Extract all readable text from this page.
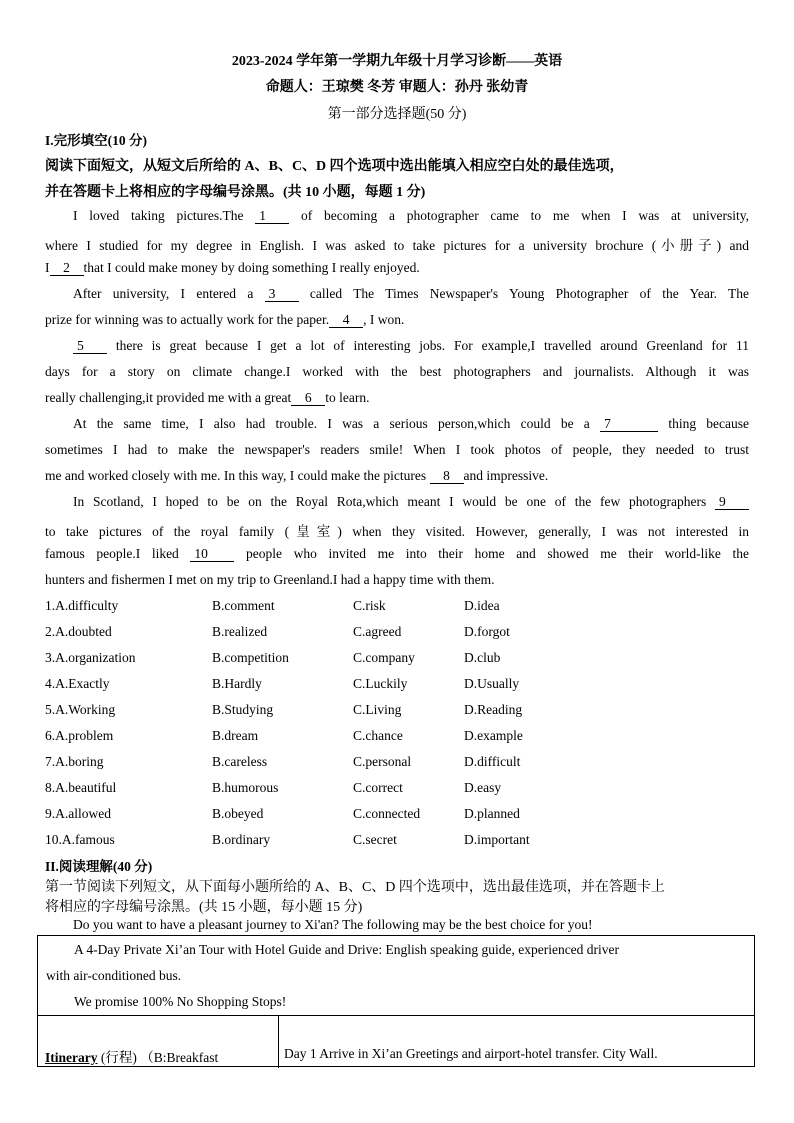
2023-2024 学年第一学期九年级十月学习诊断——英语
命题人：王琼樊 冬芳 审题人：孙丹 张幼青
第一部分选择题(50 分)
I.完形填空(10 分)
阅读下面短文，从短文后所给的 A、B、C、D 四个选项中选出能填入相应空白处的最佳选项，
并在答题卡上将相应的字母编号涂黑。(共 10 小题，每题 1 分)
I loved taking pictures.The 1	of becoming a photographer came to me when I was at university,
where I studied for my degree in English. I was asked to take pictures for a university brochure (小册子) and
I 2 that I could make money by doing something I really enjoyed.
After university, I entered a 3	called The Times Newspaper's Young Photographer of the Year. The
prize for winning was to actually work for the paper. 4 , I won.
5 there is great because I get a lot of interesting jobs. For example,I travelled around Greenland for 11
days for a story on climate change.I worked with the best photographers and journalists. Although it was
really challenging,it provided me with a great 6 to learn.
At the same time, I also had trouble. I was a serious person,which could be a 7	thing because
sometimes I had to make the newspaper's readers smile! When I took photos of people, they needed to trust
me and worked closely with me. In this way, I could make the pictures 8 and impressive.
In Scotland, I hoped to be on the Royal Rota,which meant I would be one of the few photographers 9
to take pictures of the royal family (皇室) when they visited. However, generally, I was not interested in
famous people.I liked 10	people who invited me into their home and showed me their world-like the
hunters and fishermen I met on my trip to Greenland.I had a happy time with them.
1.A.difficulty	B.comment	C.risk	D.idea
2.A.doubted	B.realized	C.agreed	D.forgot
3.A.organization	B.competition	C.company	D.club
4.A.Exactly	B.Hardly	C.Luckily	D.Usually
5.A.Working	B.Studying	C.Living	D.Reading
6.A.problem	B.dream	C.chance	D.example
7.A.boring	B.careless	C.personal	D.difficult
8.A.beautiful	B.humorous	C.correct	D.easy
9.A.allowed	B.obeyed	C.connected	D.planned
10.A.famous	B.ordinary	C.secret	D.important
II.阅读理解(40 分)
第一节阅读下列短文，从下面每小题所给的 A、B、C、D 四个选项中，选出最佳选项，并在答题卡上
将相应的字母编号涂黑。(共 15 小题，每小题 15 分)
Do you want to have a pleasant journey to Xi'an? The following may be the best choice for you!
A 4-Day Private Xi’an Tour with Hotel Guide and Drive: English speaking guide, experienced driver
with air-conditioned bus.
We promise 100% No Shopping Stops!
Itinerary (行程) （B:Breakfast	Day 1 Arrive in Xi’an Greetings and airport-hotel transfer. City Wall.
